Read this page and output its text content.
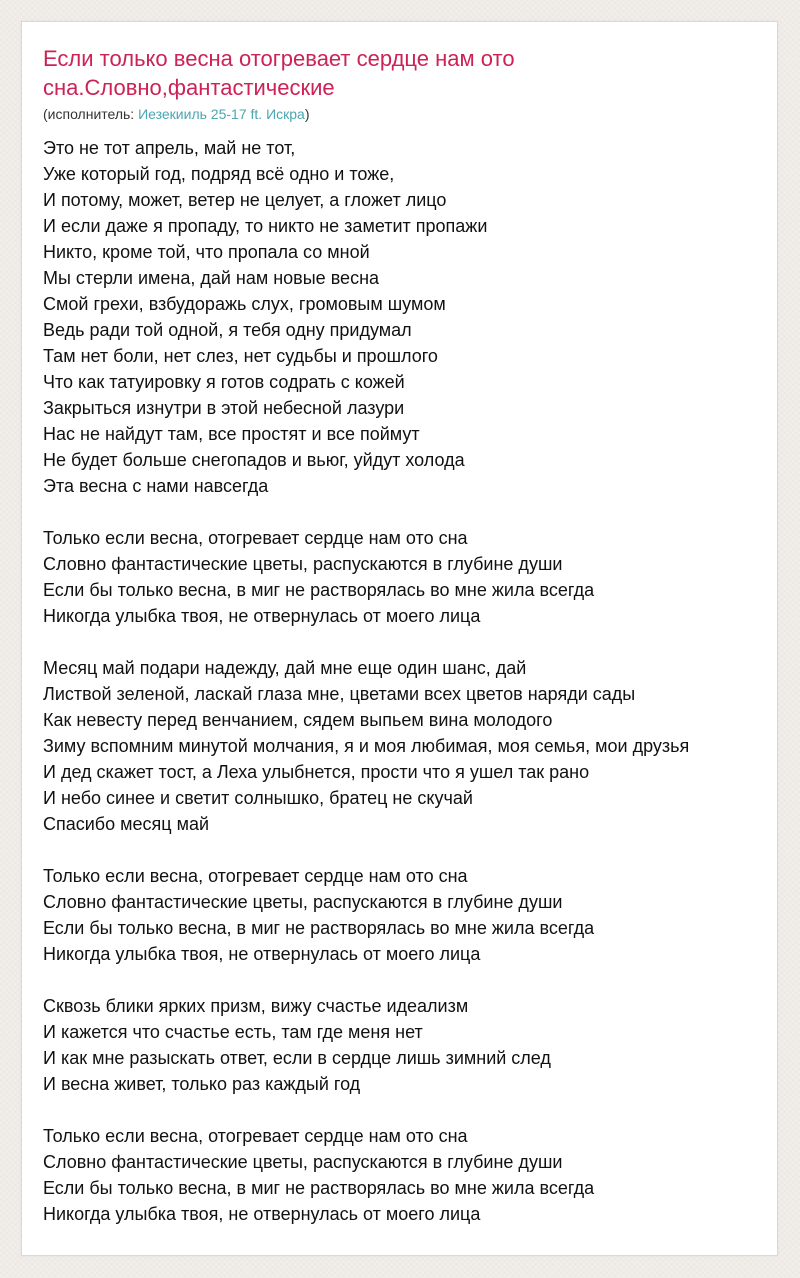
Если только весна отогревает сердце нам ото сна.Словно,фантастические
(исполнитель: Иезекииль 25-17 ft. Искра)
Это не тот апрель, май не тот,
Уже который год, подряд всё одно и тоже,
И потому, может, ветер не целует, а гложет лицо
И если даже я пропаду, то никто не заметит пропажи
Никто, кроме той, что пропала со мной
Мы стерли имена, дай нам новые весна
Смой грехи, взбудоражь слух, громовым шумом
Ведь ради той одной, я тебя одну придумал
Там нет боли, нет слез, нет судьбы и прошлого
Что как татуировку я готов содрать с кожей
Закрыться изнутри в этой небесной лазури
Нас не найдут там, все простят и все поймут
Не будет больше снегопадов и вьюг, уйдут холода
Эта весна с нами навсегда
Только если весна, отогревает сердце нам ото сна
Словно фантастические цветы, распускаются в глубине души
Если бы только весна, в миг не растворялась во мне жила всегда
Никогда улыбка твоя, не отвернулась от моего лица
Месяц май подари надежду, дай мне еще один шанс, дай
Листвой зеленой, ласкай глаза мне, цветами всех цветов наряди сады
Как невесту перед венчанием, сядем выпьем вина молодого
Зиму вспомним минутой молчания, я и моя любимая, моя семья, мои друзья
И дед скажет тост, а Леха улыбнется, прости что я ушел так рано
И небо синее и светит солнышко, братец не скучай
Спасибо месяц май
Только если весна, отогревает сердце нам ото сна
Словно фантастические цветы, распускаются в глубине души
Если бы только весна, в миг не растворялась во мне жила всегда
Никогда улыбка твоя, не отвернулась от моего лица
Сквозь блики ярких призм, вижу счастье идеализм
И кажется что счастье есть, там где меня нет
И как мне разыскать ответ, если в сердце лишь зимний след
И весна живет, только раз каждый год
Только если весна, отогревает сердце нам ото сна
Словно фантастические цветы, распускаются в глубине души
Если бы только весна, в миг не растворялась во мне жила всегда
Никогда улыбка твоя, не отвернулась от моего лица
